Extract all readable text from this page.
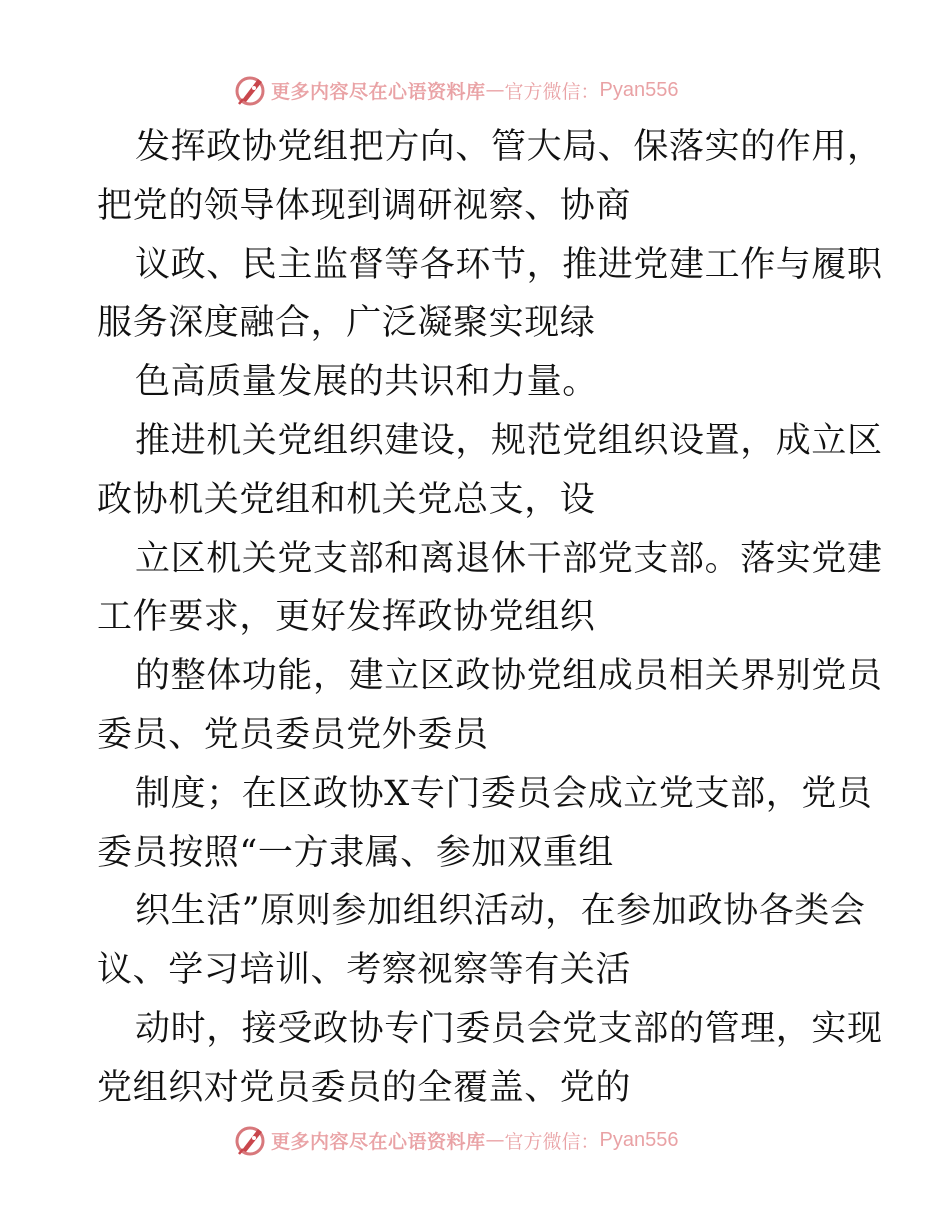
更多内容尽在心语资料库 — 官方微信： Pyan556
发挥政协党组把方向、管大局、保落实的作用，
把党的领导体现到调研视察、协商
议政、民主监督等各环节，推进党建工作与履职
服务深度融合，广泛凝聚实现绿
色高质量发展的共识和力量。
推进机关党组织建设，规范党组织设置，成立区
政协机关党组和机关党总支，设
立区机关党支部和离退休干部党支部。落实党建
工作要求，更好发挥政协党组织
的整体功能，建立区政协党组成员相关界别党员
委员、党员委员党外委员
制度；在区政协X专门委员会成立党支部，党员
委员按照“一方隶属、参加双重组
织生活”原则参加组织活动，在参加政协各类会
议、学习培训、考察视察等有关活
动时，接受政协专门委员会党支部的管理，实现
党组织对党员委员的全覆盖、党的
更多内容尽在心语资料库 — 官方微信： Pyan556
